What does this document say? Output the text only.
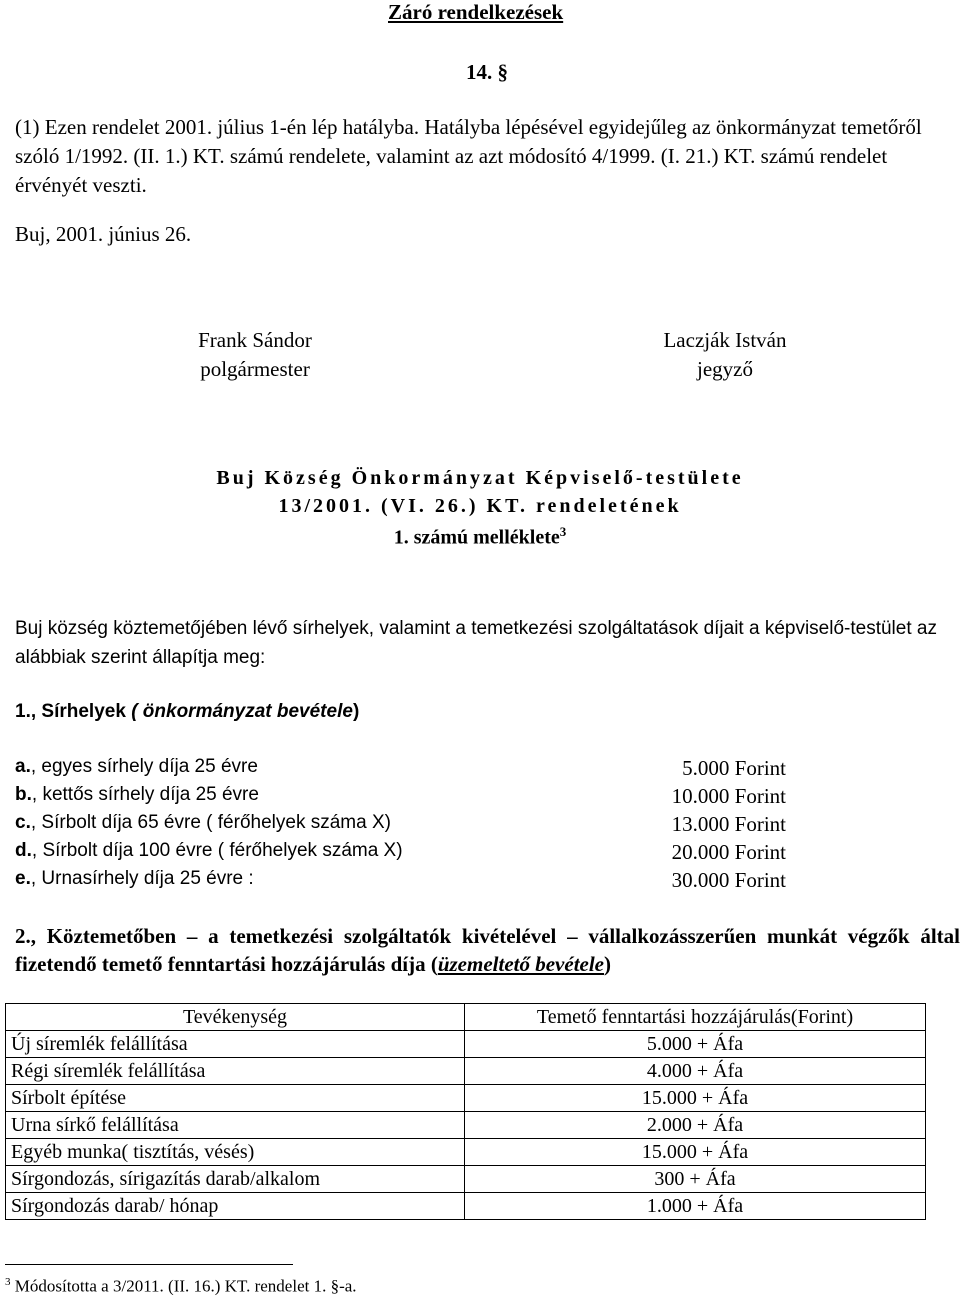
Záró rendelkezések
14. §
(1) Ezen rendelet 2001. július 1-én lép hatályba. Hatályba lépésével egyidejűleg az önkormányzat temetőről szóló 1/1992. (II. 1.) KT. számú rendelete, valamint az azt módosító 4/1999. (I. 21.) KT. számú rendelet érvényét veszti.
Buj, 2001. június 26.
Frank Sándor
polgármester
Laczják István
jegyző
Buj Község Önkormányzat Képviselő-testülete
13/2001. (VI. 26.) KT. rendeletének
1. számú melléklete$^3$
Buj község köztemetőjében lévő sírhelyek, valamint a temetkezési szolgáltatások díjait a képviselő-testület az alábbiak szerint állapítja meg:
1., Sírhelyek ( önkormányzat bevétele)
a., egyes sírhely díja 25 évre	5.000 Forint
b., kettős sírhely díja 25 évre	10.000 Forint
c., Sírbolt díja 65 évre ( férőhelyek száma X)	13.000 Forint
d., Sírbolt díja 100 évre ( férőhelyek száma X)	20.000 Forint
e., Urnasírhely díja 25 évre :	30.000 Forint
2., Köztemetőben – a temetkezési szolgáltatók kivételével – vállalkozásszerűen munkát végzők által fizetendő temető fenntartási hozzájárulás díja (üzemeltető bevétele)
Tevékenység	Temető fenntartási hozzájárulás(Forint)
Új síremlék felállítása	5.000 + Áfa
Régi síremlék felállítása	4.000 + Áfa
Sírbolt építése	15.000 + Áfa
Urna sírkő felállítása	2.000 + Áfa
Egyéb munka( tisztítás, vésés)	15.000 + Áfa
Sírgondozás, sírigazítás darab/alkalom	300 + Áfa
Sírgondozás darab/ hónap	1.000 + Áfa
$^3$ Módosította a 3/2011. (II. 16.) KT. rendelet 1. §-a.
